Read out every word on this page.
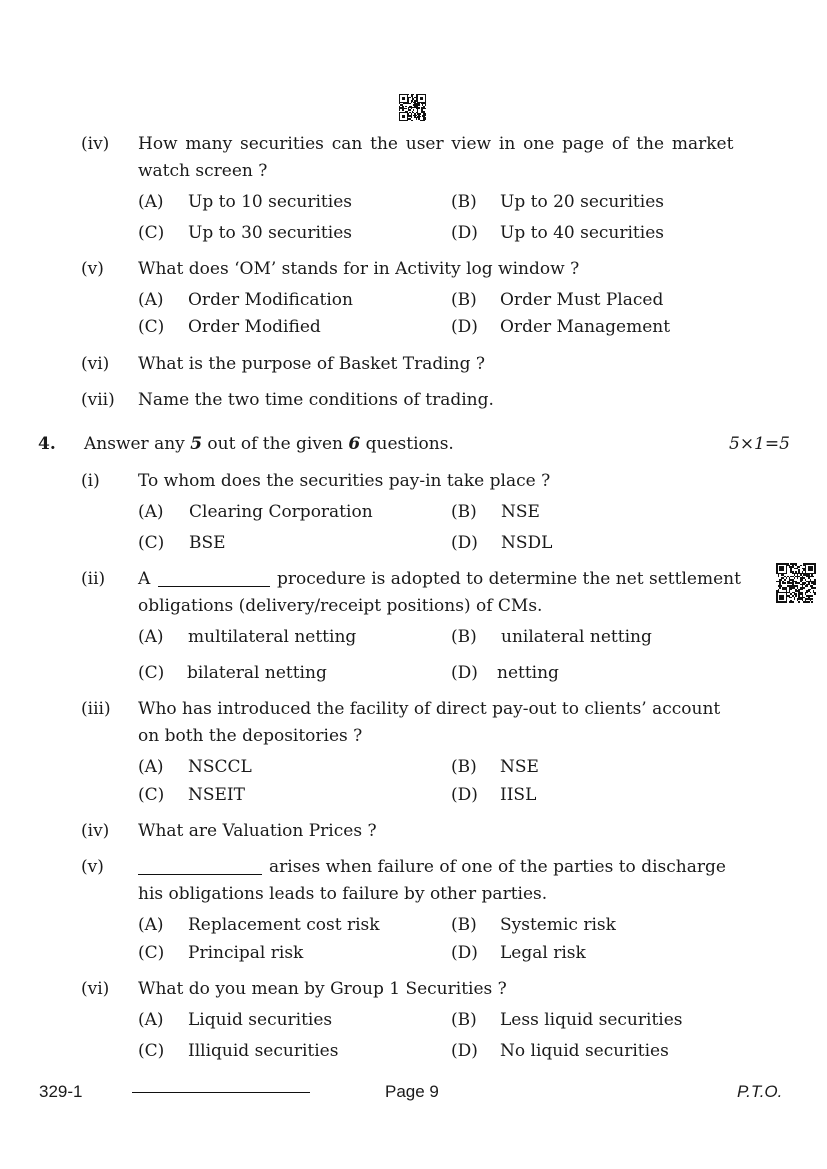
(iv) How many securities can the user view in one page of the market
watch screen ?
(A) Up to 10 securities	(B) Up to 20 securities
(C) Up to 30 securities	(D) Up to 40 securities
(v) What does ‘OM’ stands for in Activity log window ?
(A) Order Modification	(B) Order Must Placed
(C) Order Modified	(D) Order Management
(vi) What is the purpose of Basket Trading ?
(vii) Name the two time conditions of trading.
4. Answer any 5 out of the given 6 questions.	5×1=5
(i) To whom does the securities pay-in take place ?
(A) Clearing Corporation	(B) NSE
(C) BSE	(D) NSDL
(ii) A	procedure is adopted to determine the net settlement
obligations (delivery/receipt positions) of CMs.
(A) multilateral netting	(B) unilateral netting
(C) bilateral netting	(D) netting
(iii) Who has introduced the facility of direct pay-out to clients’ account
on both the depositories ?
(A) NSCCL	(B) NSE
(C) NSEIT	(D) IISL
(iv) What are Valuation Prices ?
(v)	arises when failure of one of the parties to discharge
his obligations leads to failure by other parties.
(A) Replacement cost risk	(B) Systemic risk
(C) Principal risk	(D) Legal risk
(vi) What do you mean by Group 1 Securities ?
(A) Liquid securities	(B) Less liquid securities
(C) Illiquid securities	(D) No liquid securities
329-1	Page 9	P.T.O.
